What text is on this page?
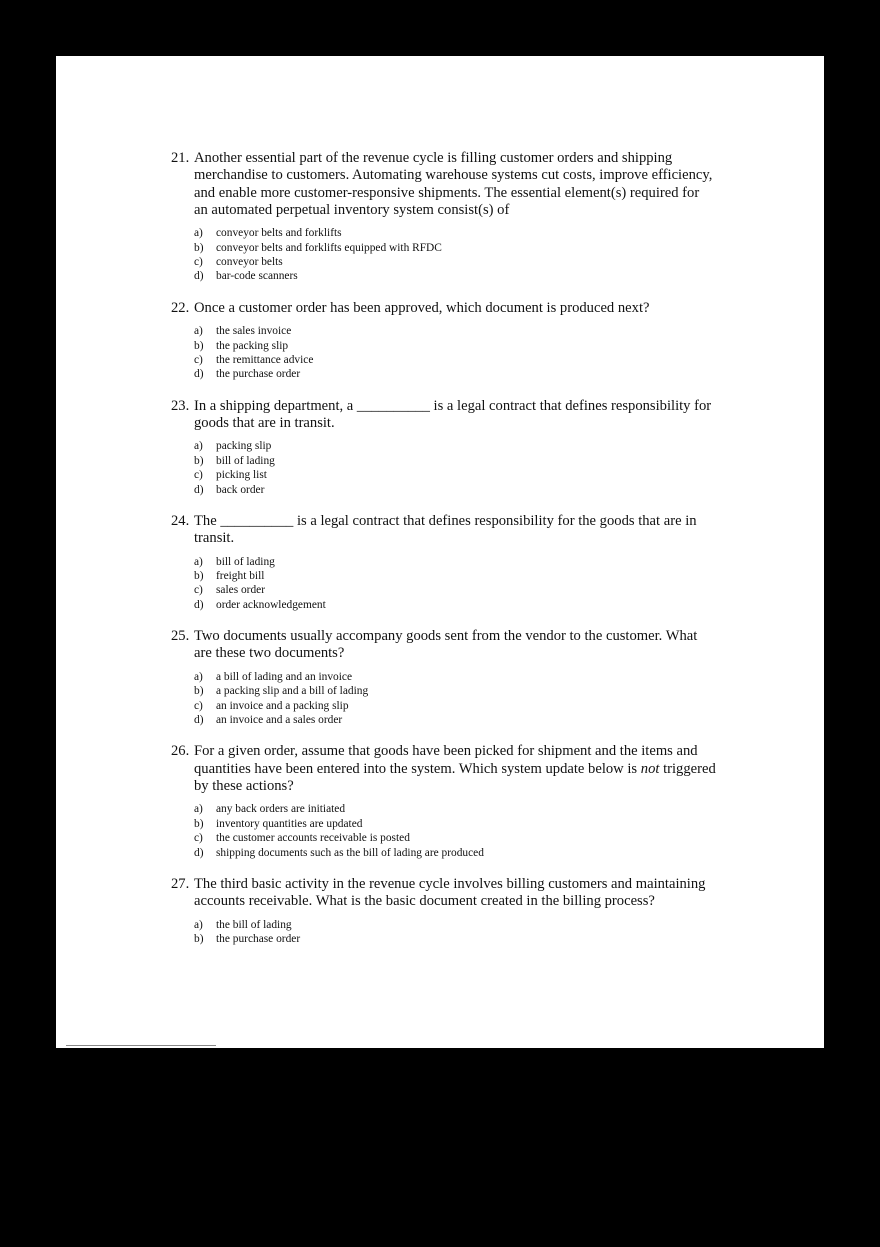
21. Another essential part of the revenue cycle is filling customer orders and shipping merchandise to customers. Automating warehouse systems cut costs, improve efficiency, and enable more customer-responsive shipments. The essential element(s) required for an automated perpetual inventory system consist(s) of
a)	conveyor belts and forklifts
b)	conveyor belts and forklifts equipped with RFDC
c)	conveyor belts
d)	bar-code scanners
22. Once a customer order has been approved, which document is produced next?
a)	the sales invoice
b)	the packing slip
c)	the remittance advice
d)	the purchase order
23. In a shipping department, a __________ is a legal contract that defines responsibility for goods that are in transit.
a)	packing slip
b)	bill of lading
c)	picking list
d)	back order
24. The __________ is a legal contract that defines responsibility for the goods that are in transit.
a)	bill of lading
b)	freight bill
c)	sales order
d)	order acknowledgement
25. Two documents usually accompany goods sent from the vendor to the customer. What are these two documents?
a)	a bill of lading and an invoice
b)	a packing slip and a bill of lading
c)	an invoice and a packing slip
d)	an invoice and a sales order
26. For a given order, assume that goods have been picked for shipment and the items and quantities have been entered into the system. Which system update below is not triggered by these actions?
a)	any back orders are initiated
b)	inventory quantities are updated
c)	the customer accounts receivable is posted
d)	shipping documents such as the bill of lading are produced
27. The third basic activity in the revenue cycle involves billing customers and maintaining accounts receivable. What is the basic document created in the billing process?
a)	the bill of lading
b)	the purchase order
